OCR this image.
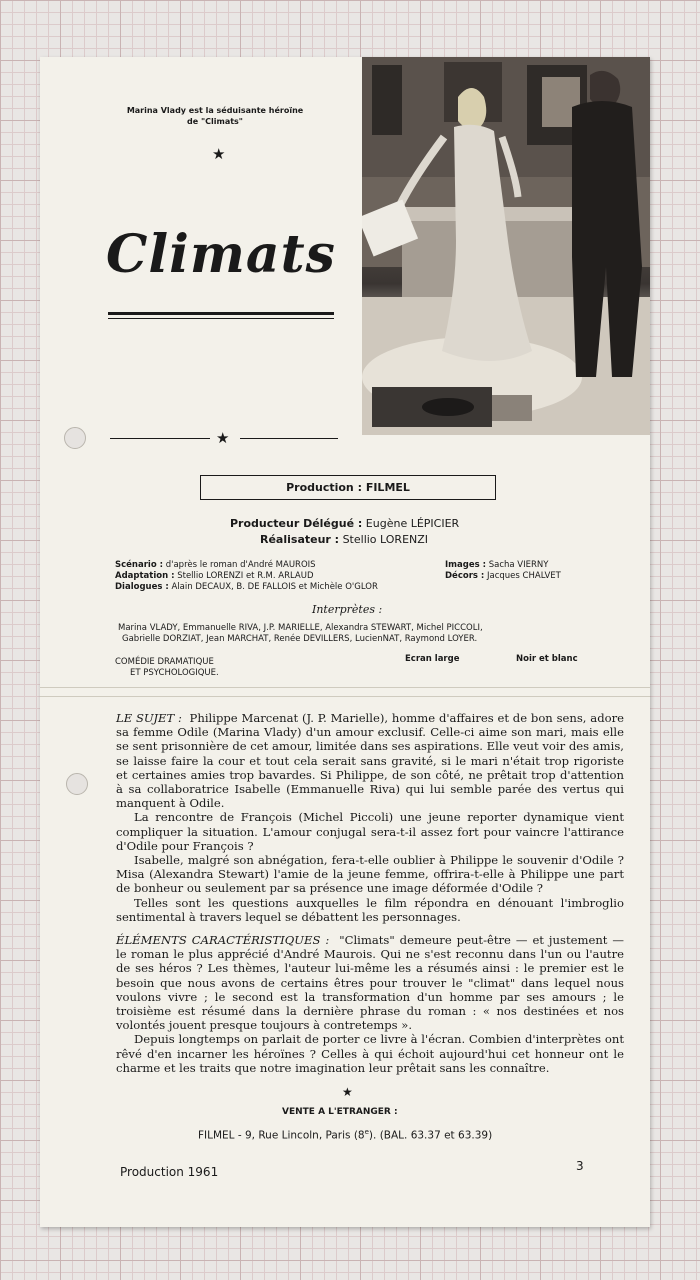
Marina Vlady est la séduisante héroïne
de "Climats"
★
Climats
★
Production : FILMEL
Producteur Délégué : Eugène LÉPICIER
Réalisateur : Stellio LORENZI
Scénario : d'après le roman d'André MAUROIS
Adaptation : Stellio LORENZI et R.M. ARLAUD
Dialogues : Alain DECAUX, B. DE FALLOIS et Michèle O'GLOR
Images : Sacha VIERNY
Décors : Jacques CHALVET
Interprètes :
Marina VLADY, Emmanuelle RIVA, J.P. MARIELLE, Alexandra STEWART, Michel PICCOLI,
Gabrielle DORZIAT, Jean MARCHAT, Renée DEVILLERS, LucienNAT, Raymond LOYER.
COMÉDIE DRAMATIQUE
ET PSYCHOLOGIQUE.
Ecran large	Noir et blanc

LE SUJET : Philippe Marcenat (J. P. Marielle), homme d'affaires et de bon sens, adore sa femme Odile (Marina Vlady) d'un amour exclusif. Celle-ci aime son mari, mais elle se sent prisonnière de cet amour, limitée dans ses aspirations. Elle veut voir des amis, se laisse faire la cour et tout cela serait sans gravité, si le mari n'était trop rigoriste et certaines amies trop bavardes. Si Philippe, de son côté, ne prêtait trop d'attention à sa collaboratrice Isabelle (Emmanuelle Riva) qui lui semble parée des vertus qui manquent à Odile.

La rencontre de François (Michel Piccoli) une jeune reporter dynamique vient compliquer la situation. L'amour conjugal sera-t-il assez fort pour vaincre l'attirance d'Odile pour François ?

Isabelle, malgré son abnégation, fera-t-elle oublier à Philippe le souvenir d'Odile ? Misa (Alexandra Stewart) l'amie de la jeune femme, offrira-t-elle à Philippe une part de bonheur ou seulement par sa présence une image déformée d'Odile ?

Telles sont les questions auxquelles le film répondra en dénouant l'imbroglio sentimental à travers lequel se débattent les personnages.

ÉLÉMENTS CARACTÉRISTIQUES : "Climats" demeure peut-être — et justement — le roman le plus apprécié d'André Maurois. Qui ne s'est reconnu dans l'un ou l'autre de ses héros ? Les thèmes, l'auteur lui-même les a résumés ainsi : le premier est le besoin que nous avons de certains êtres pour trouver le "climat" dans lequel nous voulons vivre ; le second est la transformation d'un homme par ses amours ; le troisième est résumé dans la dernière phrase du roman : « nos destinées et nos volontés jouent presque toujours à contretemps ».

Depuis longtemps on parlait de porter ce livre à l'écran. Combien d'interprètes ont rêvé d'en incarner les héroïnes ? Celles à qui échoit aujourd'hui cet honneur ont le charme et les traits que notre imagination leur prêtait sans les connaître.

★
VENTE A L'ETRANGER :
FILMEL - 9, Rue Lincoln, Paris (8e). (BAL. 63.37 et 63.39)
Production 1961	3
